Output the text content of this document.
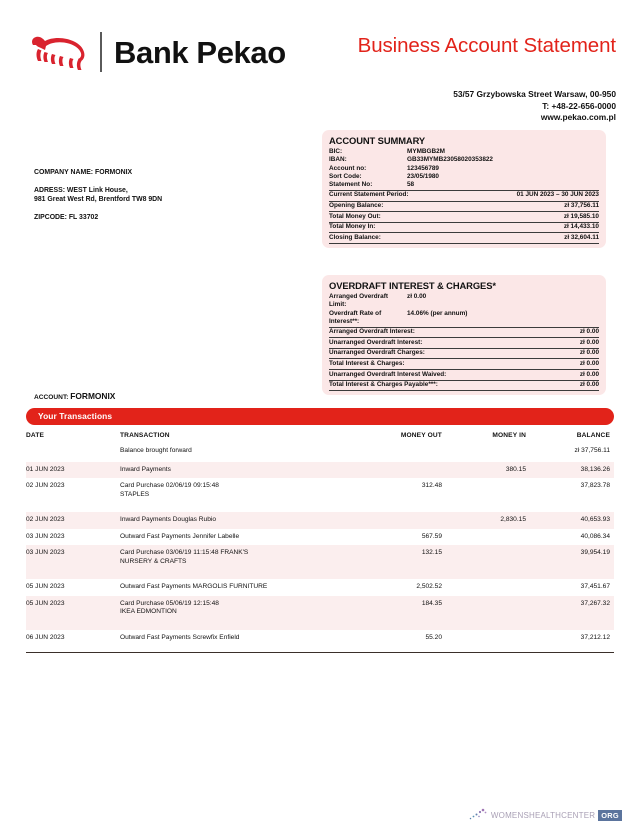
Bank Pekao	Business Account Statement
53/57 Grzybowska Street Warsaw, 00-950
T: +48-22-656-0000
www.pekao.com.pl
COMPANY NAME: FORMONIX
ADRESS: WEST Link House,
981 Great West Rd, Brentford TW8 9DN
ZIPCODE: FL 33702
ACCOUNT SUMMARY
BIC:	MYMBGB2M
IBAN:	GB33MYMB23058020353822
Account no:	123456789
Sort Code:	23/05/1980
Statement No:	58
Current Statement Period:	01 JUN 2023 – 30 JUN 2023
Opening Balance:	zł 37,756.11
Total Money Out:	zł 19,585.10
Total Money In:	zł 14,433.10
Closing Balance:	zł 32,604.11
OVERDRAFT INTEREST & CHARGES*
Arranged Overdraft Limit:
zł 0.00
Overdraft Rate of Interest**:
14.06% (per annum)
Arranged Overdraft Interest:	zł 0.00
Unarranged Overdraft Interest:	zł 0.00
Unarranged Overdraft Charges:	zł 0.00
Total Interest & Charges:	zł 0.00
Unarranged Overdraft Interest Waived:	zł 0.00
Total Interest & Charges Payable***:	zł 0.00
ACCOUNT: FORMONIX
Your Transactions
DATE	TRANSACTION	MONEY OUT	MONEY IN	BALANCE
	Balance brought forward			zł 37,756.11
01 JUN 2023	Inward Payments		380.15	38,136.26
02 JUN 2023	Card Purchase 02/06/19 09:15:48
STAPLES	312.48		37,823.78
02 JUN 2023	Inward Payments Douglas Rubio		2,830.15	40,653.93
03 JUN 2023	Outward Fast Payments Jennifer Labelle	567.59		40,086.34
03 JUN 2023	Card Purchase 03/06/19 11:15:48 FRANK'S
NURSERY & CRAFTS	132.15		39,954.19
05 JUN 2023	Outward Fast Payments MARGOLIS FURNITURE	2,502.52		37,451.67
05 JUN 2023	Card Purchase 05/06/19 12:15:48
IKEA EDMONTION	184.35		37,267.32
06 JUN 2023	Outward Fast Payments Screwfix Enfield	55.20		37,212.12
WOMENSHEALTHCENTER ORG
